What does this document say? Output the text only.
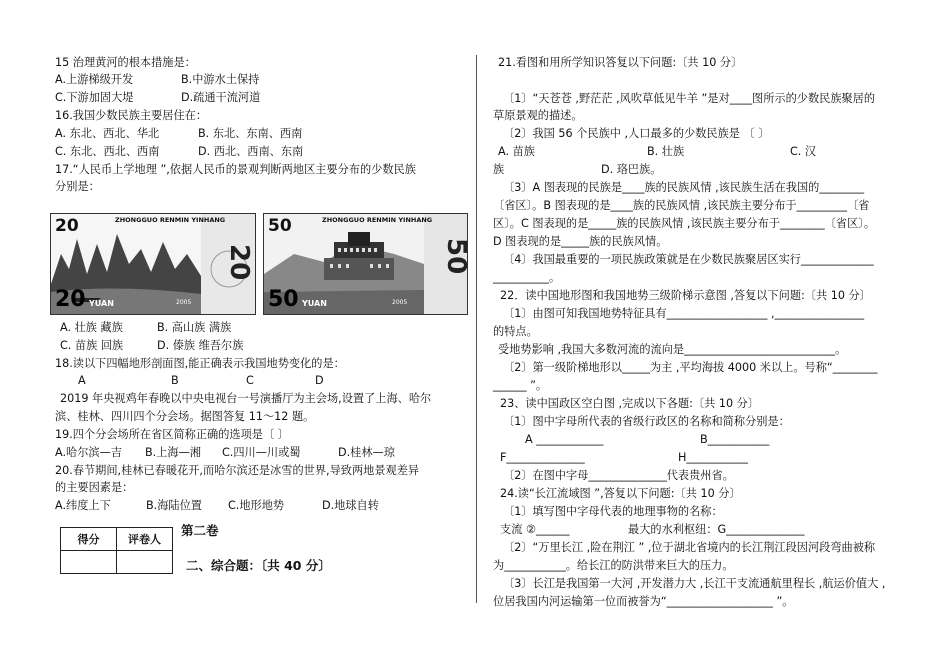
15 治理黄河的根本措施是：
A.上游梯级开发	B.中游水土保持
C.下游加固大堤	D.疏通干流河道
16.我国少数民族主要居住在：
A. 东北、西北、华北	B. 东北、东南、西南
C. 东北、西北、西南	D. 西北、西南、东南
17.“人民币上学地理 ”,依据人民币的景观判断两地区主要分布的少数民族
分别是：
20
20	ZHONGGUO RENMIN YINHANG
20 YUAN	2005
50
50	ZHONGGUO RENMIN YINHANG
50 YUAN	2005
A. 壮族 藏族	B. 高山族 满族
C. 苗族 回族	D. 傣族 维吾尔族
18.读以下四幅地形剖面图,能正确表示我国地势变化的是：
A	B	C	D
2019 年央视鸡年春晚以中央电视台一号演播厅为主会场,设置了上海、哈尔
滨、桂林、四川四个分会场。据图答复 11～12 题。
19.四个分会场所在省区简称正确的选项是〔 〕
A.哈尔滨—吉 B.上海—湘 C.四川—川或蜀	D.桂林—琼
20.春节期间,桂林已春暖花开,而哈尔滨还是冰雪的世界,导致两地景观差异
的主要因素是：
A.纬度上下	B.海陆位置 C.地形地势	D.地球自转
得分	评卷人

第二卷
二、综合题：〔共 40 分〕
21.看图和用所学知识答复以下问题:〔共 10 分〕
〔1〕“天苍苍 ,野茫茫 ,风吹草低见牛羊 ”是对____图所示的少数民族聚居的
草原景观的描述。
〔2〕我国 56 个民族中 ,人口最多的少数民族是 〔 〕
A. 苗族	B. 壮族	C. 汉
族	D. 珞巴族。
〔3〕A 图表现的民族是____族的民族风情 ,该民族生活在我国的________
〔省区〕。B 图表现的是____族的民族风情 ,该民族主要分布于_________〔省
区〕。C 图表现的是_____族的民族风情 ,该民族主要分布于________〔省区〕。
D 图表现的是_____族的民族风情。
〔4〕我国最重要的一项民族政策就是在少数民族聚居区实行_____________
__________。
22．读中国地形图和我国地势三级阶梯示意图 ,答复以下问题:〔共 10 分〕
〔1〕由图可知我国地势特征具有__________________ ,________________
的特点。
受地势影响 ,我国大多数河流的流向是___________________________。
〔2〕第一级阶梯地形以_____为主 ,平均海拔 4000 米以上。号称“________
______ ”。
23、读中国政区空白图 ,完成以下各题:〔共 10 分〕
〔1〕图中字母所代表的省级行政区的名称和简称分别是：
A ____________	B___________
F______________	H___________
〔2〕在图中字母______________代表贵州省。
24.读“长江流域图 ”,答复以下问题:〔共 10 分〕
〔1〕填写图中字母代表的地理事物的名称：
支流 ②______	最大的水利枢纽：G______________
〔2〕“万里长江 ,险在荆江 ” ,位于湖北省境内的长江荆江段因河段弯曲被称
为___________。给长江的防洪带来巨大的压力。
〔3〕长江是我国第一大河 ,开发潜力大 ,长江干支流通航里程长 ,航运价值大 ,
位居我国内河运输第一位而被誉为“___________________ ”。
